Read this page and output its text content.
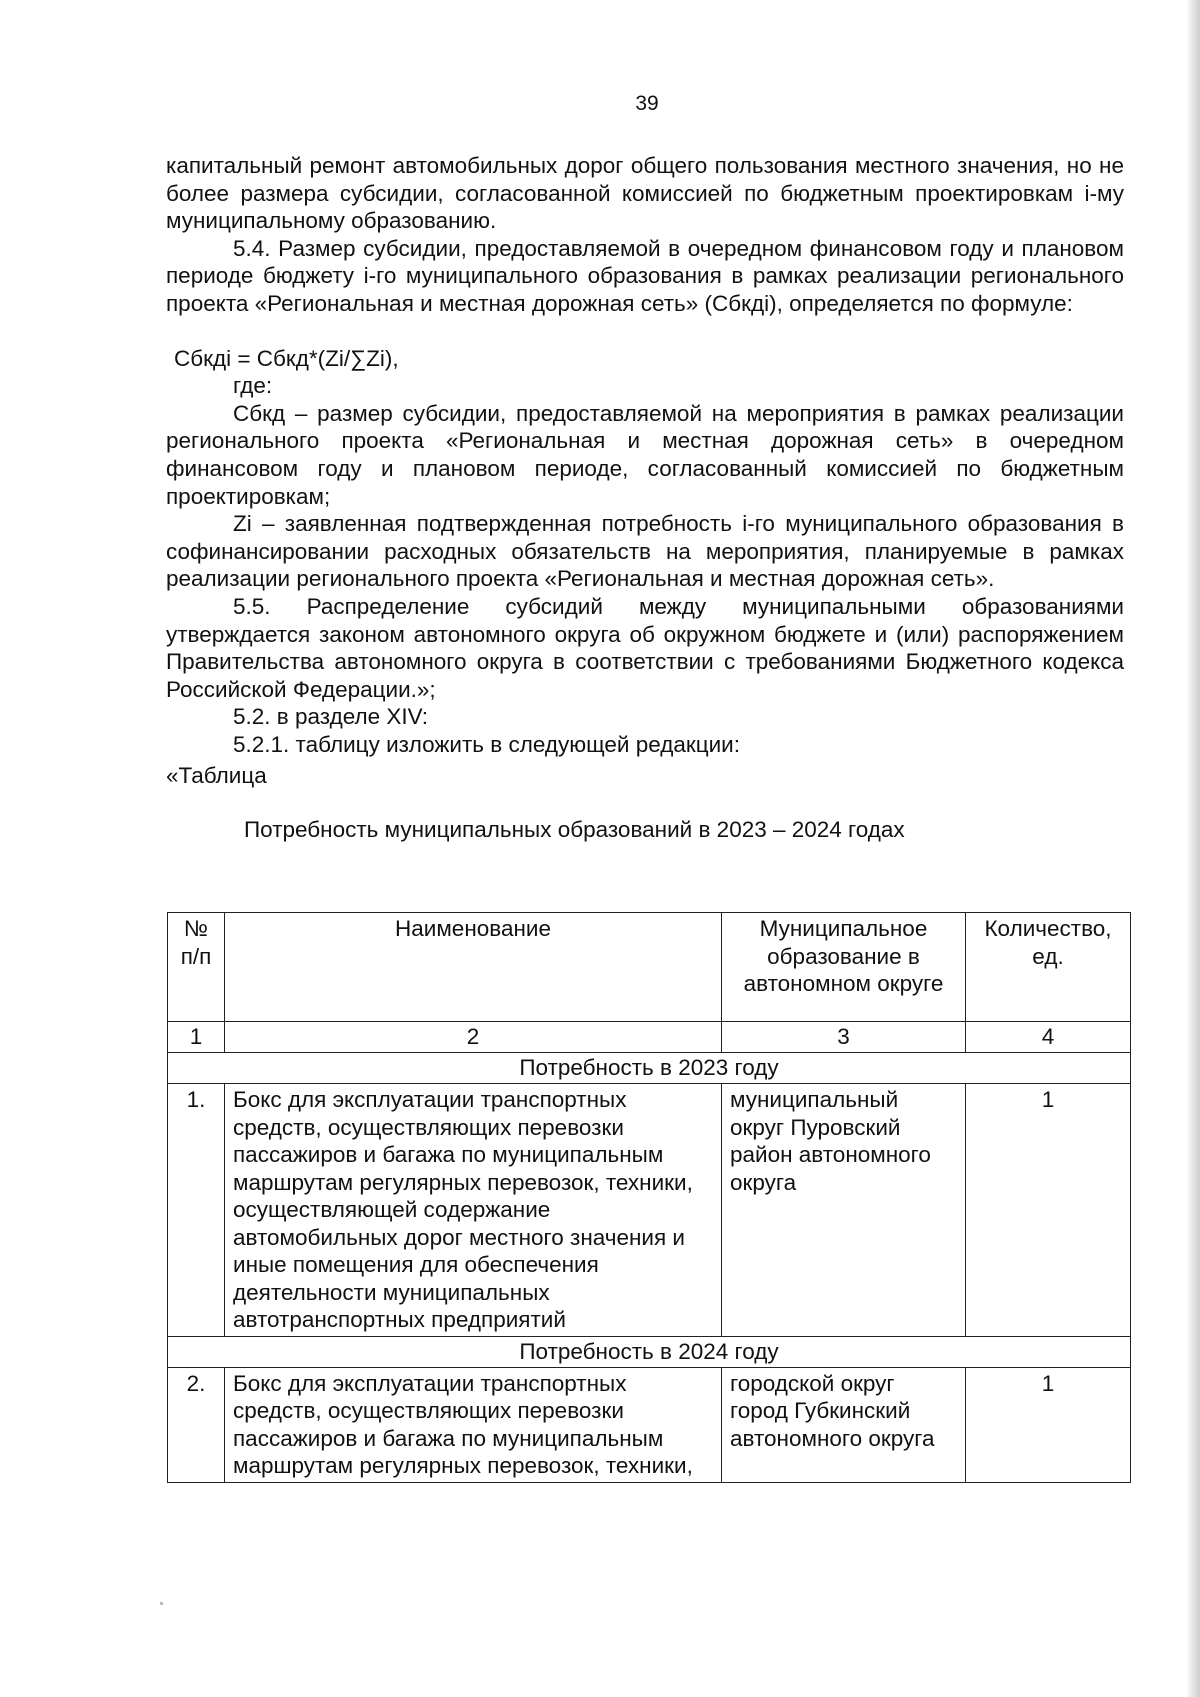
39

капитальный ремонт автомобильных дорог общего пользования местного значения, но не более размера субсидии, согласованной комиссией по бюджетным проектировкам i-му муниципальному образованию.

5.4. Размер субсидии, предоставляемой в очередном финансовом году и плановом периоде бюджету i-го муниципального образования в рамках реализации регионального проекта «Региональная и местная дорожная сеть» (Сбкдi), определяется по формуле:

Сбкдi = Сбкд*(Zi/∑Zi),

где:

Сбкд – размер субсидии, предоставляемой на мероприятия в рамках реализации регионального проекта «Региональная и местная дорожная сеть» в очередном финансовом году и плановом периоде, согласованный комиссией по бюджетным проектировкам;

Zi – заявленная подтвержденная потребность i-го муниципального образования в софинансировании расходных обязательств на мероприятия, планируемые в рамках реализации регионального проекта «Региональная и местная дорожная сеть».

5.5. Распределение субсидий между муниципальными образованиями утверждается законом автономного округа об окружном бюджете и (или) распоряжением Правительства автономного округа в соответствии с требованиями Бюджетного кодекса Российской Федерации.»;

5.2. в разделе XIV:

5.2.1. таблицу изложить в следующей редакции:

«Таблица

Потребность муниципальных образований в 2023 – 2024 годах

№ п/п	Наименование	Муниципальное образование в автономном округе	Количество, ед.
1	2	3	4
Потребность в 2023 году			
1.	Бокс для эксплуатации транспортных средств, осуществляющих перевозки пассажиров и багажа по муниципальным маршрутам регулярных перевозок, техники, осуществляющей содержание автомобильных дорог местного значения и иные помещения для обеспечения деятельности муниципальных автотранспортных предприятий	муниципальный округ Пуровский район автономного округа	1
Потребность в 2024 году			
2.	Бокс для эксплуатации транспортных средств, осуществляющих перевозки пассажиров и багажа по муниципальным маршрутам регулярных перевозок, техники,	городской округ город Губкинский автономного округа	1
